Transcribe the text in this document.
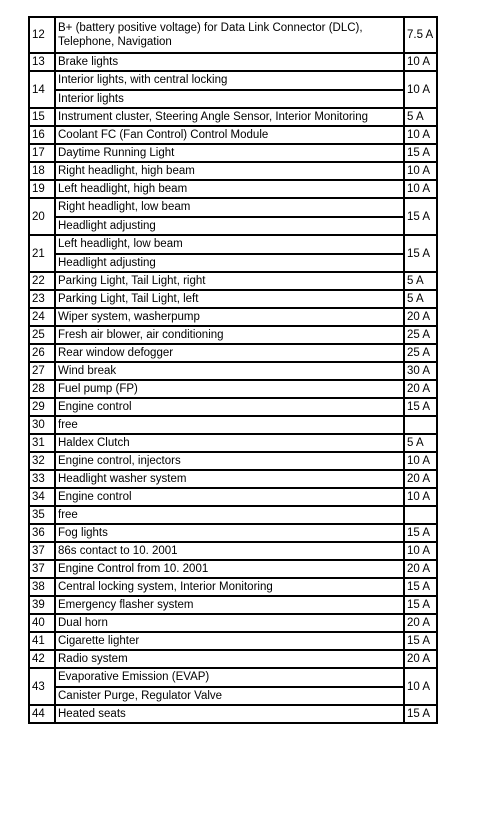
12	B+ (battery positive voltage) for Data Link Connector (DLC), Telephone, Navigation	7.5 A
13	Brake lights	10 A
14	Interior lights, with central locking
Interior lights	10 A
15	Instrument cluster, Steering Angle Sensor, Interior Monitoring	5 A
16	Coolant FC (Fan Control) Control Module	10 A
17	Daytime Running Light	15 A
18	Right headlight, high beam	10 A
19	Left headlight, high beam	10 A
20	Right headlight, low beam
Headlight adjusting	15 A
21	Left headlight, low beam
Headlight adjusting	15 A
22	Parking Light, Tail Light, right	5 A
23	Parking Light, Tail Light, left	5 A
24	Wiper system, washerpump	20 A
25	Fresh air blower, air conditioning	25 A
26	Rear window defogger	25 A
27	Wind break	30 A
28	Fuel pump (FP)	20 A
29	Engine control	15 A
30	free	

31	Haldex Clutch	5 A
32	Engine control, injectors	10 A
33	Headlight washer system	20 A
34	Engine control	10 A
35	free	

36	Fog lights	15 A
37	86s contact to 10. 2001	10 A
37	Engine Control from 10. 2001	20 A
38	Central locking system, Interior Monitoring	15 A
39	Emergency flasher system	15 A
40	Dual horn	20 A
41	Cigarette lighter	15 A
42	Radio system	20 A
43	Evaporative Emission (EVAP)
Canister Purge, Regulator Valve	10 A
44	Heated seats	15 A
